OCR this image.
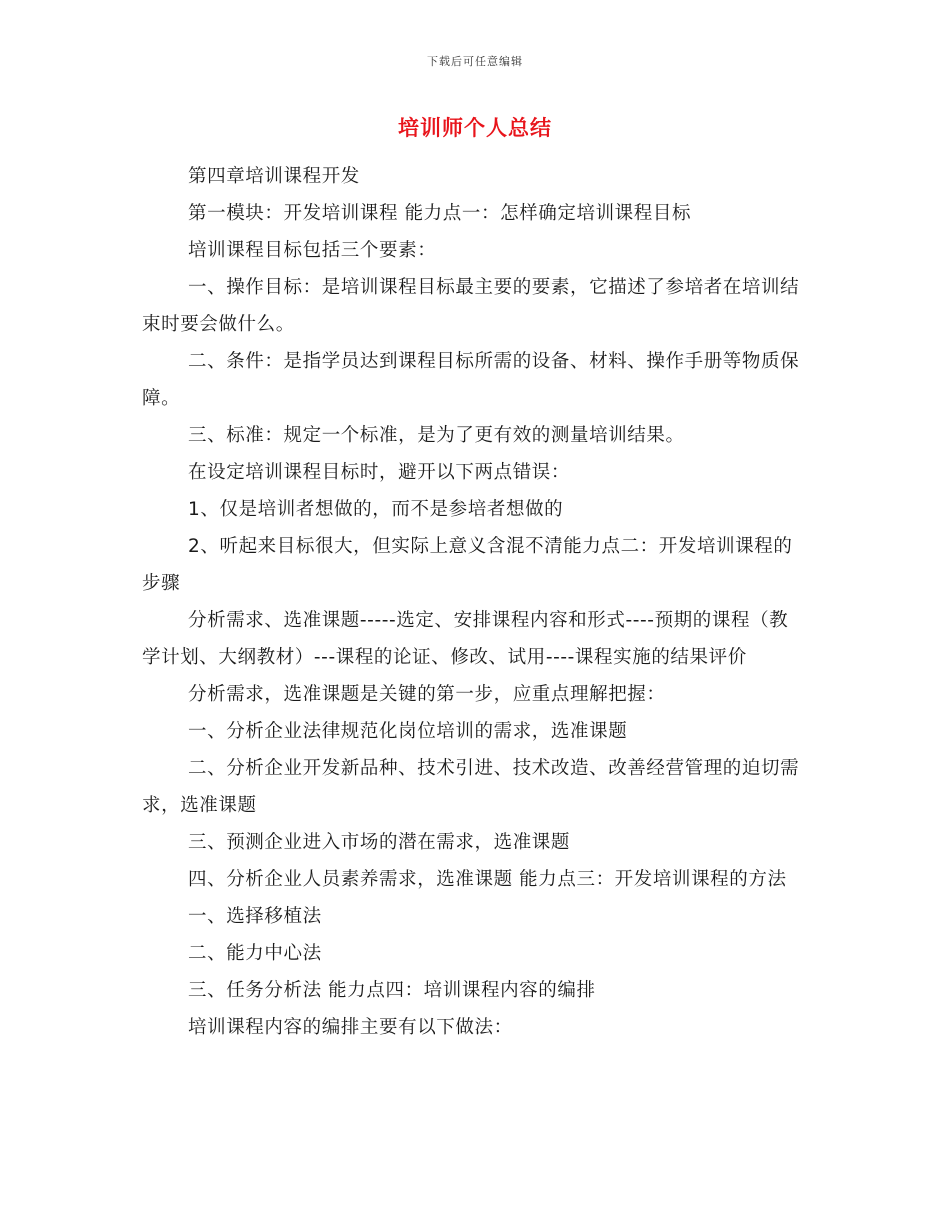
下载后可任意编辑
培训师个人总结

第四章培训课程开发

第一模块：开发培训课程 能力点一：怎样确定培训课程目标

培训课程目标包括三个要素：

一、操作目标：是培训课程目标最主要的要素，它描述了参培者在培训结束时要会做什么。

二、条件：是指学员达到课程目标所需的设备、材料、操作手册等物质保障。

三、标准：规定一个标准，是为了更有效的测量培训结果。

在设定培训课程目标时，避开以下两点错误：

1、仅是培训者想做的，而不是参培者想做的

2、听起来目标很大，但实际上意义含混不清能力点二：开发培训课程的步骤

分析需求、选准课题-----选定、安排课程内容和形式----预期的课程（教学计划、大纲教材）---课程的论证、修改、试用----课程实施的结果评价

分析需求，选准课题是关键的第一步，应重点理解把握：

一、分析企业法律规范化岗位培训的需求，选准课题

二、分析企业开发新品种、技术引进、技术改造、改善经营管理的迫切需求，选准课题

三、预测企业进入市场的潜在需求，选准课题

四、分析企业人员素养需求，选准课题 能力点三：开发培训课程的方法

一、选择移植法

二、能力中心法

三、任务分析法 能力点四：培训课程内容的编排

培训课程内容的编排主要有以下做法：
